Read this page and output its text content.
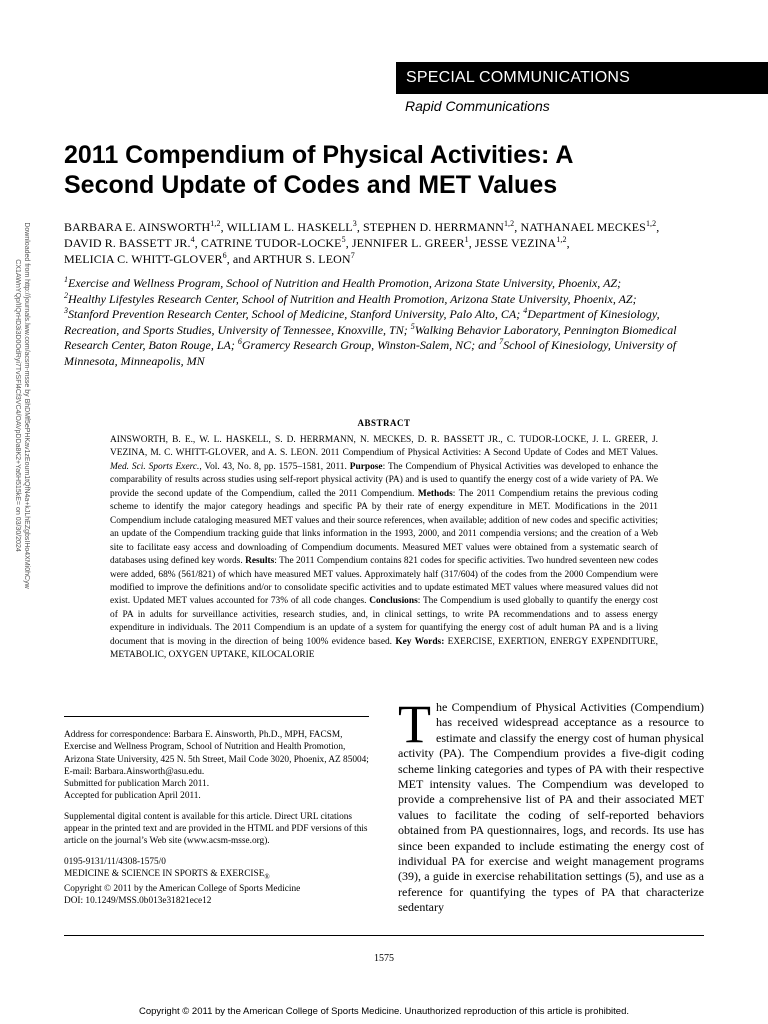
SPECIAL COMMUNICATIONS
Rapid Communications
2011 Compendium of Physical Activities: A
Second Update of Codes and MET Values
BARBARA E. AINSWORTH$^{1,2}$, WILLIAM L. HASKELL$^3$, STEPHEN D. HERRMANN$^{1,2}$, NATHANAEL MECKES$^{1,2}$,
DAVID R. BASSETT JR.$^4$, CATRINE TUDOR-LOCKE$^5$, JENNIFER L. GREER$^1$, JESSE VEZINA$^{1,2}$,
MELICIA C. WHITT-GLOVER$^6$, and ARTHUR S. LEON$^7$
$^1$Exercise and Wellness Program, School of Nutrition and Health Promotion, Arizona State University, Phoenix, AZ;
$^2$Healthy Lifestyles Research Center, School of Nutrition and Health Promotion, Arizona State University, Phoenix, AZ;
$^3$Stanford Prevention Research Center, School of Medicine, Stanford University, Palo Alto, CA; $^4$Department of Kinesiology, Recreation, and Sports Studies, University of Tennessee, Knoxville, TN; $^5$Walking Behavior Laboratory, Pennington Biomedical Research Center, Baton Rouge, LA; $^6$Gramercy Research Group, Winston-Salem, NC; and $^7$School of Kinesiology, University of Minnesota, Minneapolis, MN
ABSTRACT
AINSWORTH, B. E., W. L. HASKELL, S. D. HERRMANN, N. MECKES, D. R. BASSETT JR., C. TUDOR-LOCKE, J. L. GREER, J. VEZINA, M. C. WHITT-GLOVER, and A. S. LEON. 2011 Compendium of Physical Activities: A Second Update of Codes and MET Values. Med. Sci. Sports Exerc., Vol. 43, No. 8, pp. 1575–1581, 2011. Purpose: The Compendium of Physical Activities was developed to enhance the comparability of results across studies using self-report physical activity (PA) and is used to quantify the energy cost of a wide variety of PA. We provide the second update of the Compendium, called the 2011 Compendium. Methods: The 2011 Compendium retains the previous coding scheme to identify the major category headings and specific PA by their rate of energy expenditure in MET. Modifications in the 2011 Compendium include cataloging measured MET values and their source references, when available; addition of new codes and specific activities; an update of the Compendium tracking guide that links information in the 1993, 2000, and 2011 compendia versions; and the creation of a Web site to facilitate easy access and downloading of Compendium documents. Measured MET values were obtained from a systematic search of databases using defined key words. Results: The 2011 Compendium contains 821 codes for specific activities. Two hundred seventeen new codes were added, 68% (561/821) of which have measured MET values. Approximately half (317/604) of the codes from the 2000 Compendium were modified to improve the definitions and/or to consolidate specific activities and to update estimated MET values where measured values did not exist. Updated MET values accounted for 73% of all code changes. Conclusions: The Compendium is used globally to quantify the energy cost of PA in adults for surveillance activities, research studies, and, in clinical settings, to write PA recommendations and to assess energy expenditure in individuals. The 2011 Compendium is an update of a system for quantifying the energy cost of adult human PA and is a living document that is moving in the direction of being 100% evidence based. Key Words: EXERCISE, EXERTION, ENERGY EXPENDITURE, METABOLIC, OXYGEN UPTAKE, KILOCALORIE

Address for correspondence: Barbara E. Ainsworth, Ph.D., MPH, FACSM, Exercise and Wellness Program, School of Nutrition and Health Promotion, Arizona State University, 425 N. 5th Street, Mail Code 3020, Phoenix, AZ 85004; E-mail: Barbara.Ainsworth@asu.edu.

Submitted for publication March 2011.

Accepted for publication April 2011.

Supplemental digital content is available for this article. Direct URL citations appear in the printed text and are provided in the HTML and PDF versions of this article on the journal’s Web site (www.acsm-msse.org).

0195-9131/11/4308-1575/0

MEDICINE & SCIENCE IN SPORTS & $EXERCISE_®$

Copyright © 2011 by the American College of Sports Medicine

DOI: 10.1249/MSS.0b013e31821ece12

The Compendium of Physical Activities (Compendium) has received widespread acceptance as a resource to estimate and classify the energy cost of human physical activity (PA). The Compendium provides a five-digit coding scheme linking categories and types of PA with their respective MET intensity values. The Compendium was developed to provide a comprehensive list of PA and their associated MET values to facilitate the coding of self-reported behaviors obtained from PA questionnaires, logs, and records. Its use has since been expanded to include estimating the energy cost of individual PA for exercise and weight management programs (39), a guide in exercise rehabilitation settings (5), and use as a reference for quantifying the types of PA that characterize sedentary
1575
Copyright © 2011 by the American College of Sports Medicine. Unauthorized reproduction of this article is prohibited.
Downloaded from http://journals.lww.com/acsm-msse by BhDMf5ePHKav1zEoum1tQfN4a+kJLhEZgbsIHo4XMi0hCyw
CX1AWnYQp/IlQrHD3i3D0OdRyi7TvSFl4Cf3VC4/OAVpDDa8K2+Ya6H515kE= on 03/30/2024
